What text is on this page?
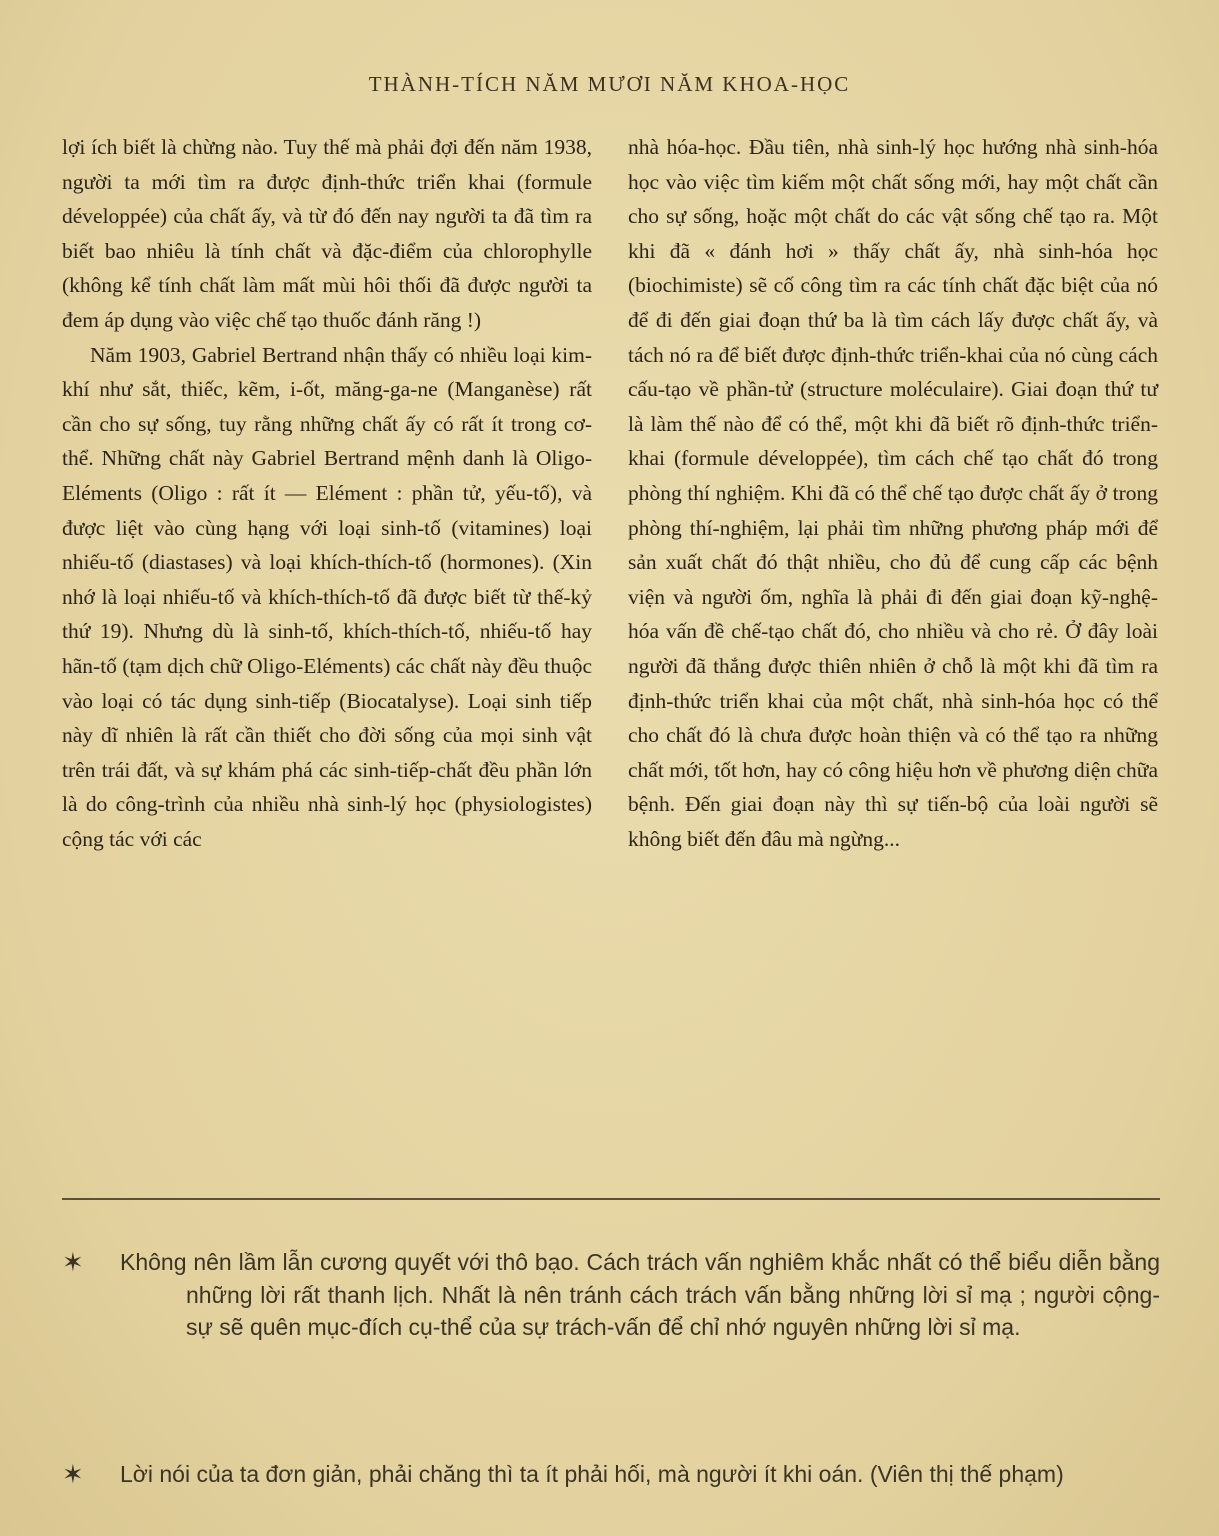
THÀNH-TÍCH NĂM MƯƠI NĂM KHOA-HỌC

lợi ích biết là chừng nào. Tuy thế mà phải đợi đến năm 1938, người ta mới tìm ra được định-thức triển khai (formule développée) của chất ấy, và từ đó đến nay người ta đã tìm ra biết bao nhiêu là tính chất và đặc-điểm của chlorophylle (không kể tính chất làm mất mùi hôi thối đã được người ta đem áp dụng vào việc chế tạo thuốc đánh răng !)

Năm 1903, Gabriel Bertrand nhận thấy có nhiều loại kim-khí như sắt, thiếc, kẽm, i-ốt, măng-ga-ne (Manganèse) rất cần cho sự sống, tuy rằng những chất ấy có rất ít trong cơ-thể. Những chất này Gabriel Bertrand mệnh danh là Oligo-Eléments (Oligo : rất ít — Elément : phần tử, yếu-tố), và được liệt vào cùng hạng với loại sinh-tố (vitamines) loại nhiếu-tố (diastases) và loại khích-thích-tố (hormones). (Xin nhớ là loại nhiếu-tố và khích-thích-tố đã được biết từ thế-kỷ thứ 19). Nhưng dù là sinh-tố, khích-thích-tố, nhiếu-tố hay hãn-tố (tạm dịch chữ Oligo-Eléments) các chất này đều thuộc vào loại có tác dụng sinh-tiếp (Biocatalyse). Loại sinh tiếp này dĩ nhiên là rất cần thiết cho đời sống của mọi sinh vật trên trái đất, và sự khám phá các sinh-tiếp-chất đều phần lớn là do công-trình của nhiều nhà sinh-lý học (physiologistes) cộng tác với các

nhà hóa-học. Đầu tiên, nhà sinh-lý học hướng nhà sinh-hóa học vào việc tìm kiếm một chất sống mới, hay một chất cần cho sự sống, hoặc một chất do các vật sống chế tạo ra. Một khi đã « đánh hơi » thấy chất ấy, nhà sinh-hóa học (biochimiste) sẽ cố công tìm ra các tính chất đặc biệt của nó để đi đến giai đoạn thứ ba là tìm cách lấy được chất ấy, và tách nó ra để biết được định-thức triển-khai của nó cùng cách cấu-tạo về phần-tử (structure moléculaire). Giai đoạn thứ tư là làm thế nào để có thể, một khi đã biết rõ định-thức triển-khai (formule développée), tìm cách chế tạo chất đó trong phòng thí nghiệm. Khi đã có thể chế tạo được chất ấy ở trong phòng thí-nghiệm, lại phải tìm những phương pháp mới để sản xuất chất đó thật nhiều, cho đủ để cung cấp các bệnh viện và người ốm, nghĩa là phải đi đến giai đoạn kỹ-nghệ-hóa vấn đề chế-tạo chất đó, cho nhiều và cho rẻ. Ở đây loài người đã thắng được thiên nhiên ở chỗ là một khi đã tìm ra định-thức triển khai của một chất, nhà sinh-hóa học có thể cho chất đó là chưa được hoàn thiện và có thể tạo ra những chất mới, tốt hơn, hay có công hiệu hơn về phương diện chữa bệnh. Đến giai đoạn này thì sự tiến-bộ của loài người sẽ không biết đến đâu mà ngừng...

✶ Không nên lầm lẫn cương quyết với thô bạo. Cách trách vấn nghiêm khắc nhất có thể biểu diễn bằng những lời rất thanh lịch. Nhất là nên tránh cách trách vấn bằng những lời sỉ mạ ; người cộng-sự sẽ quên mục-đích cụ-thể của sự trách-vấn để chỉ nhớ nguyên những lời sỉ mạ.
✶ Lời nói của ta đơn giản, phải chăng thì ta ít phải hối, mà người ít khi oán. (Viên thị thế phạm)
